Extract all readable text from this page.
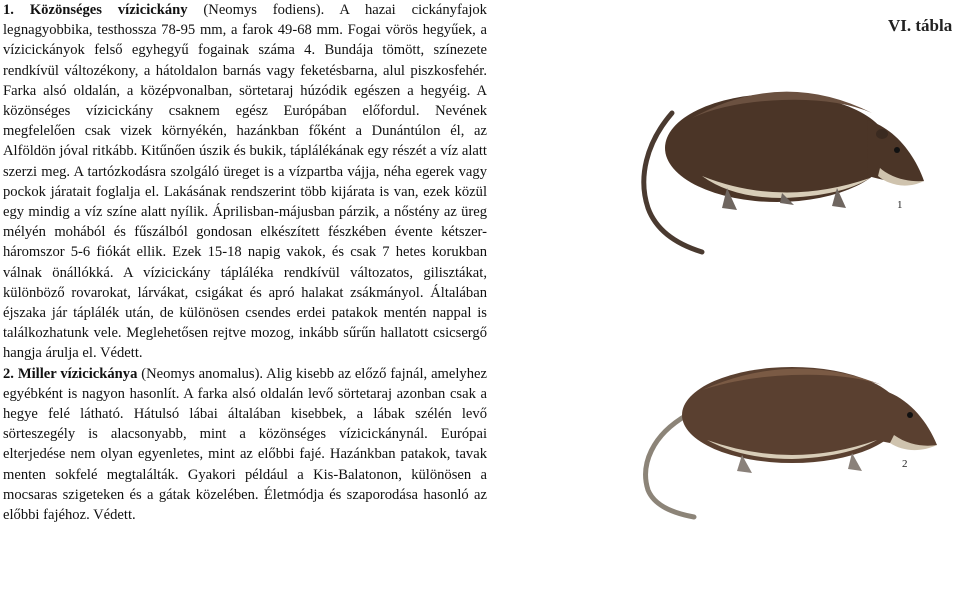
1. Közönséges vízicickány (Neomys fodiens). A hazai cickányfajok legnagyobbika, testhossza 78-95 mm, a farok 49-68 mm. Fogai vörös hegyűek, a vízicickányok felső egyhegyű fogainak száma 4. Bundája tömött, színezete rendkívül változékony, a hátoldalon barnás vagy feketésbarna, alul piszkosfehér. Farka alsó oldalán, a középvonalban, sörtetaraj húzódik egészen a hegyéig. A közönséges vízicickány csaknem egész Európában előfordul. Nevének megfelelően csak vizek környékén, hazánkban főként a Dunántúlon él, az Alföldön jóval ritkább. Kitűnően úszik és bukik, táplálékának egy részét a víz alatt szerzi meg. A tartózkodásra szolgáló üreget is a vízpartba vájja, néha egerek vagy pockok járatait foglalja el. Lakásának rendszerint több kijárata is van, ezek közül egy mindig a víz színe alatt nyílik. Áprilisban-májusban párzik, a nőstény az üreg mélyén mohából és fűszálból gondosan elkészített fészkében évente kétszer-háromszor 5-6 fiókát ellik. Ezek 15-18 napig vakok, és csak 7 hetes korukban válnak önállókká. A vízicickány tápláléka rendkívül változatos, gilisztákat, különböző rovarokat, lárvákat, csigákat és apró halakat zsákmányol. Általában éjszaka jár táplálék után, de különösen csendes erdei patakok mentén nappal is találkozhatunk vele. Meglehetősen rejtve mozog, inkább sűrűn hallatott csicsergő hangja árulja el. Védett.

2. Miller vízicickánya (Neomys anomalus). Alig kisebb az előző fajnál, amelyhez egyébként is nagyon hasonlít. A farka alsó oldalán levő sörtetaraj azonban csak a hegye felé látható. Hátulsó lábai általában kisebbek, a lábak szélén levő sörteszegély is alacsonyabb, mint a közönséges vízicickánynál. Európai elterjedése nem olyan egyenletes, mint az előbbi fajé. Hazánkban patakok, tavak menten sokfelé megtalálták. Gyakori például a Kis-Balatonon, különösen a mocsaras szigeteken és a gátak közelében. Életmódja és szaporodása hasonló az előbbi fajéhoz. Védett.

VI. tábla
1
2
